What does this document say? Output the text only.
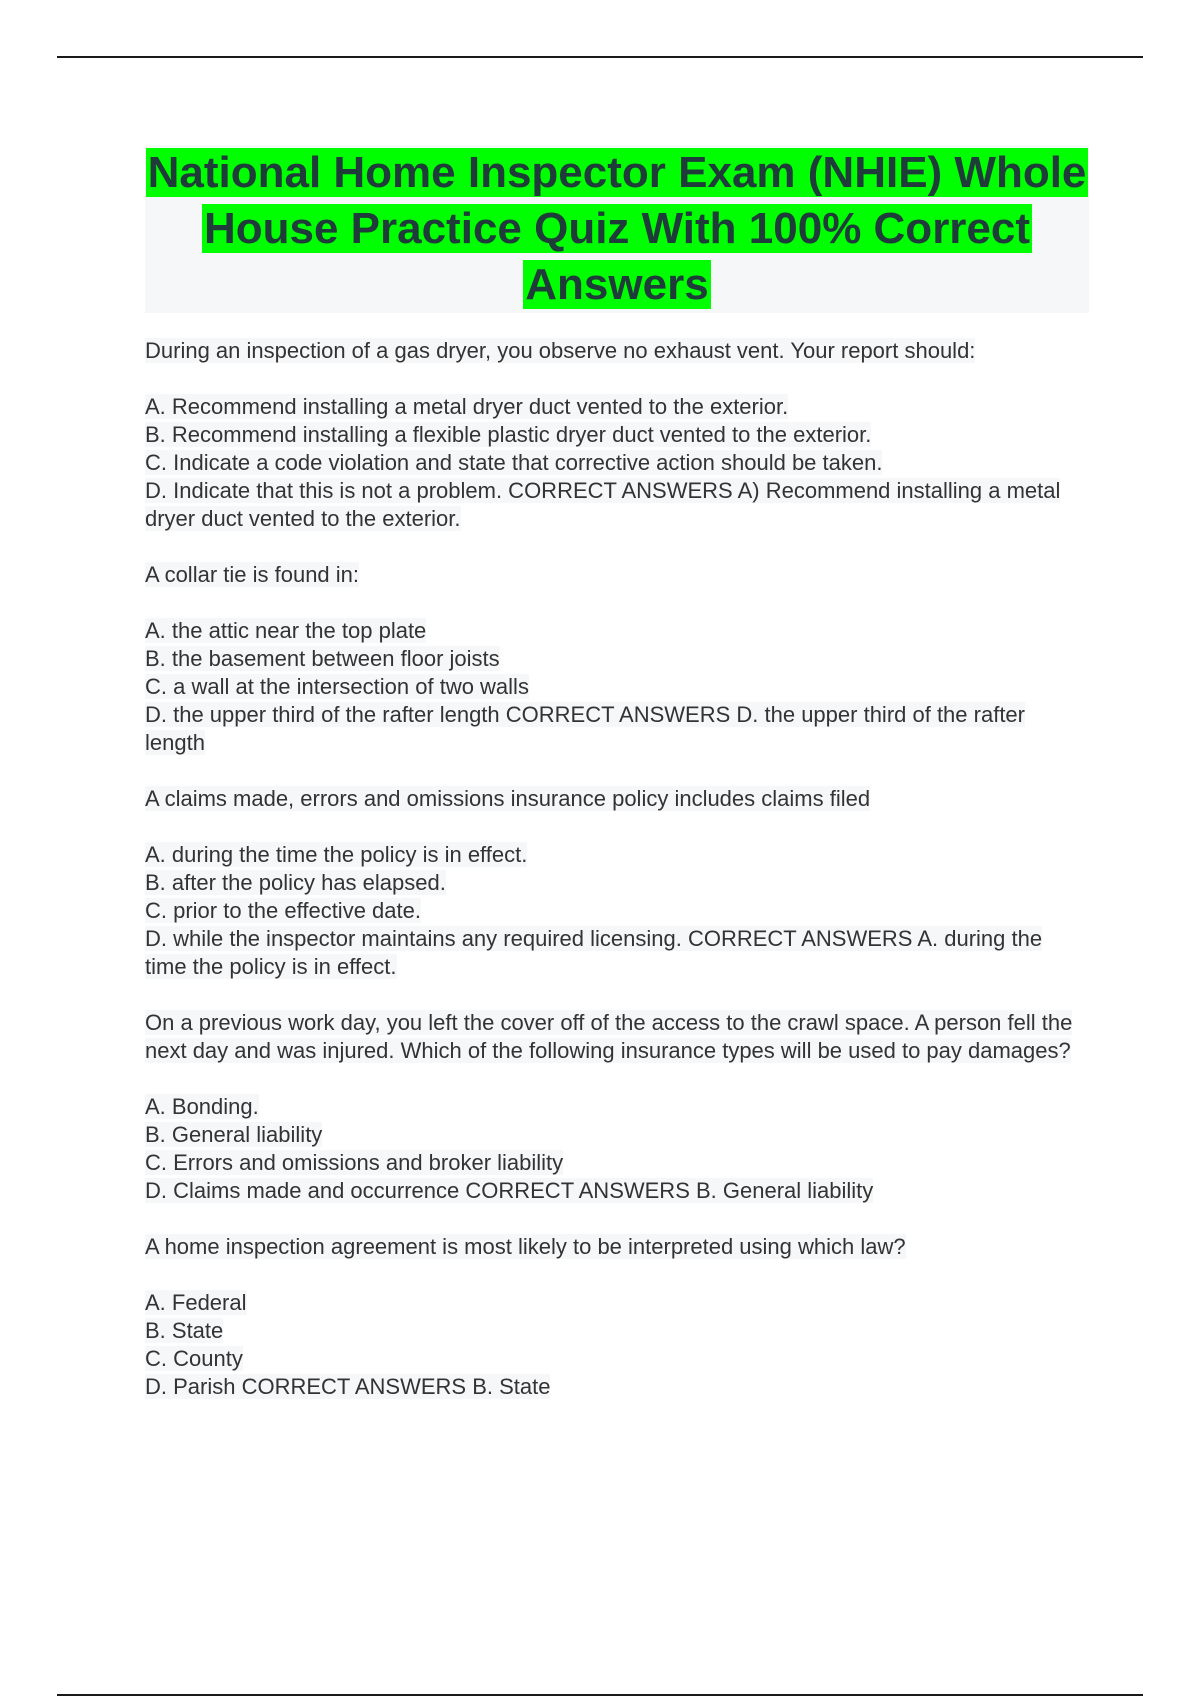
National Home Inspector Exam (NHIE) Whole House Practice Quiz With 100% Correct Answers

During an inspection of a gas dryer, you observe no exhaust vent. Your report should:

A. Recommend installing a metal dryer duct vented to the exterior.
B. Recommend installing a flexible plastic dryer duct vented to the exterior.
C. Indicate a code violation and state that corrective action should be taken.
D. Indicate that this is not a problem. CORRECT ANSWERS A) Recommend installing a metal dryer duct vented to the exterior.

A collar tie is found in:

A. the attic near the top plate
B. the basement between floor joists
C. a wall at the intersection of two walls
D. the upper third of the rafter length CORRECT ANSWERS D. the upper third of the rafter length

A claims made, errors and omissions insurance policy includes claims filed

A. during the time the policy is in effect.
B. after the policy has elapsed.
C. prior to the effective date.
D. while the inspector maintains any required licensing. CORRECT ANSWERS A. during the time the policy is in effect.

On a previous work day, you left the cover off of the access to the crawl space. A person fell the next day and was injured. Which of the following insurance types will be used to pay damages?

A. Bonding.
B. General liability
C. Errors and omissions and broker liability
D. Claims made and occurrence CORRECT ANSWERS B. General liability

A home inspection agreement is most likely to be interpreted using which law?

A. Federal
B. State
C. County
D. Parish CORRECT ANSWERS B. State
